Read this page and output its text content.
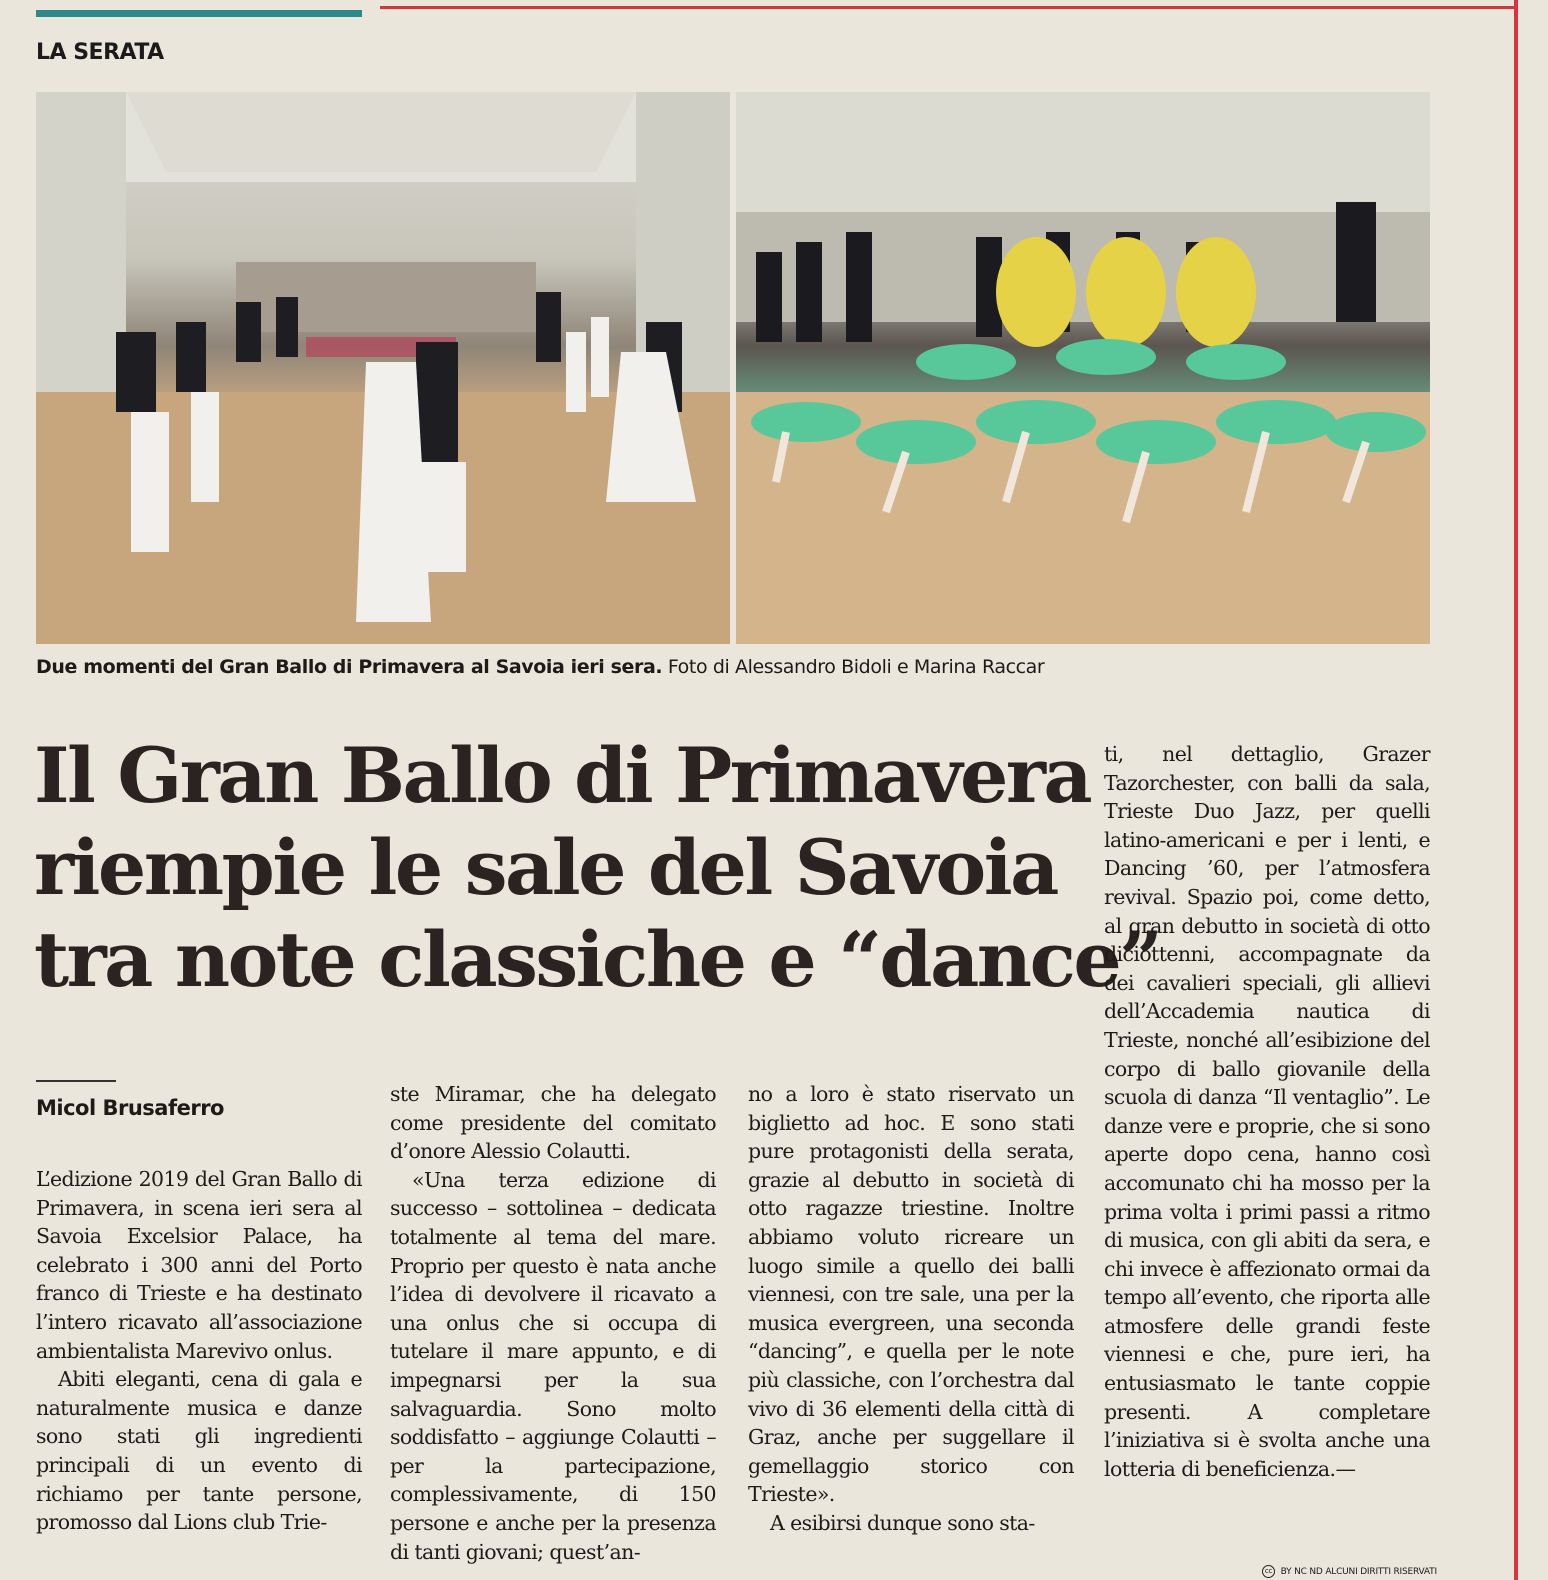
LA SERATA
Due momenti del Gran Ballo di Primavera al Savoia ieri sera. Foto di Alessandro Bidoli e Marina Raccar
Il Gran Ballo di Primavera
riempie le sale del Savoia
tra note classiche e “dance”
Micol Brusaferro

L’edizione 2019 del Gran Ballo di Primavera, in scena ieri sera al Savoia Excelsior Palace, ha celebrato i 300 anni del Porto franco di Trieste e ha destinato l’intero ricavato all’associazione ambientalista Marevivo onlus.

Abiti eleganti, cena di gala e naturalmente musica e danze sono stati gli ingredienti principali di un evento di richiamo per tante persone, promosso dal Lions club Trie-

ste Miramar, che ha delegato come presidente del comitato d’onore Alessio Colautti.

«Una terza edizione di successo – sottolinea – dedicata totalmente al tema del mare. Proprio per questo è nata anche l’idea di devolvere il ricavato a una onlus che si occupa di tutelare il mare appunto, e di impegnarsi per la sua salvaguardia. Sono molto soddisfatto – aggiunge Colautti – per la partecipazione, complessivamente, di 150 persone e anche per la presenza di tanti giovani; quest’an-

no a loro è stato riservato un biglietto ad hoc. E sono stati pure protagonisti della serata, grazie al debutto in società di otto ragazze triestine. Inoltre abbiamo voluto ricreare un luogo simile a quello dei balli viennesi, con tre sale, una per la musica evergreen, una seconda “dancing”, e quella per le note più classiche, con l’orchestra dal vivo di 36 elementi della città di Graz, anche per suggellare il gemellaggio storico con Trieste».

A esibirsi dunque sono sta-

ti, nel dettaglio, Grazer Tazorchester, con balli da sala, Trieste Duo Jazz, per quelli latino-americani e per i lenti, e Dancing ’60, per l’atmosfera revival. Spazio poi, come detto, al gran debutto in società di otto diciottenni, accompagnate da dei cavalieri speciali, gli allievi dell’Accademia nautica di Trieste, nonché all’esibizione del corpo di ballo giovanile della scuola di danza “Il ventaglio”. Le danze vere e proprie, che si sono aperte dopo cena, hanno così accomunato chi ha mosso per la prima volta i primi passi a ritmo di musica, con gli abiti da sera, e chi invece è affezionato ormai da tempo all’evento, che riporta alle atmosfere delle grandi feste viennesi e che, pure ieri, ha entusiasmato le tante coppie presenti. A completare l’iniziativa si è svolta anche una lotteria di beneficienza.—

cc BY NC ND ALCUNI DIRITTI RISERVATI
